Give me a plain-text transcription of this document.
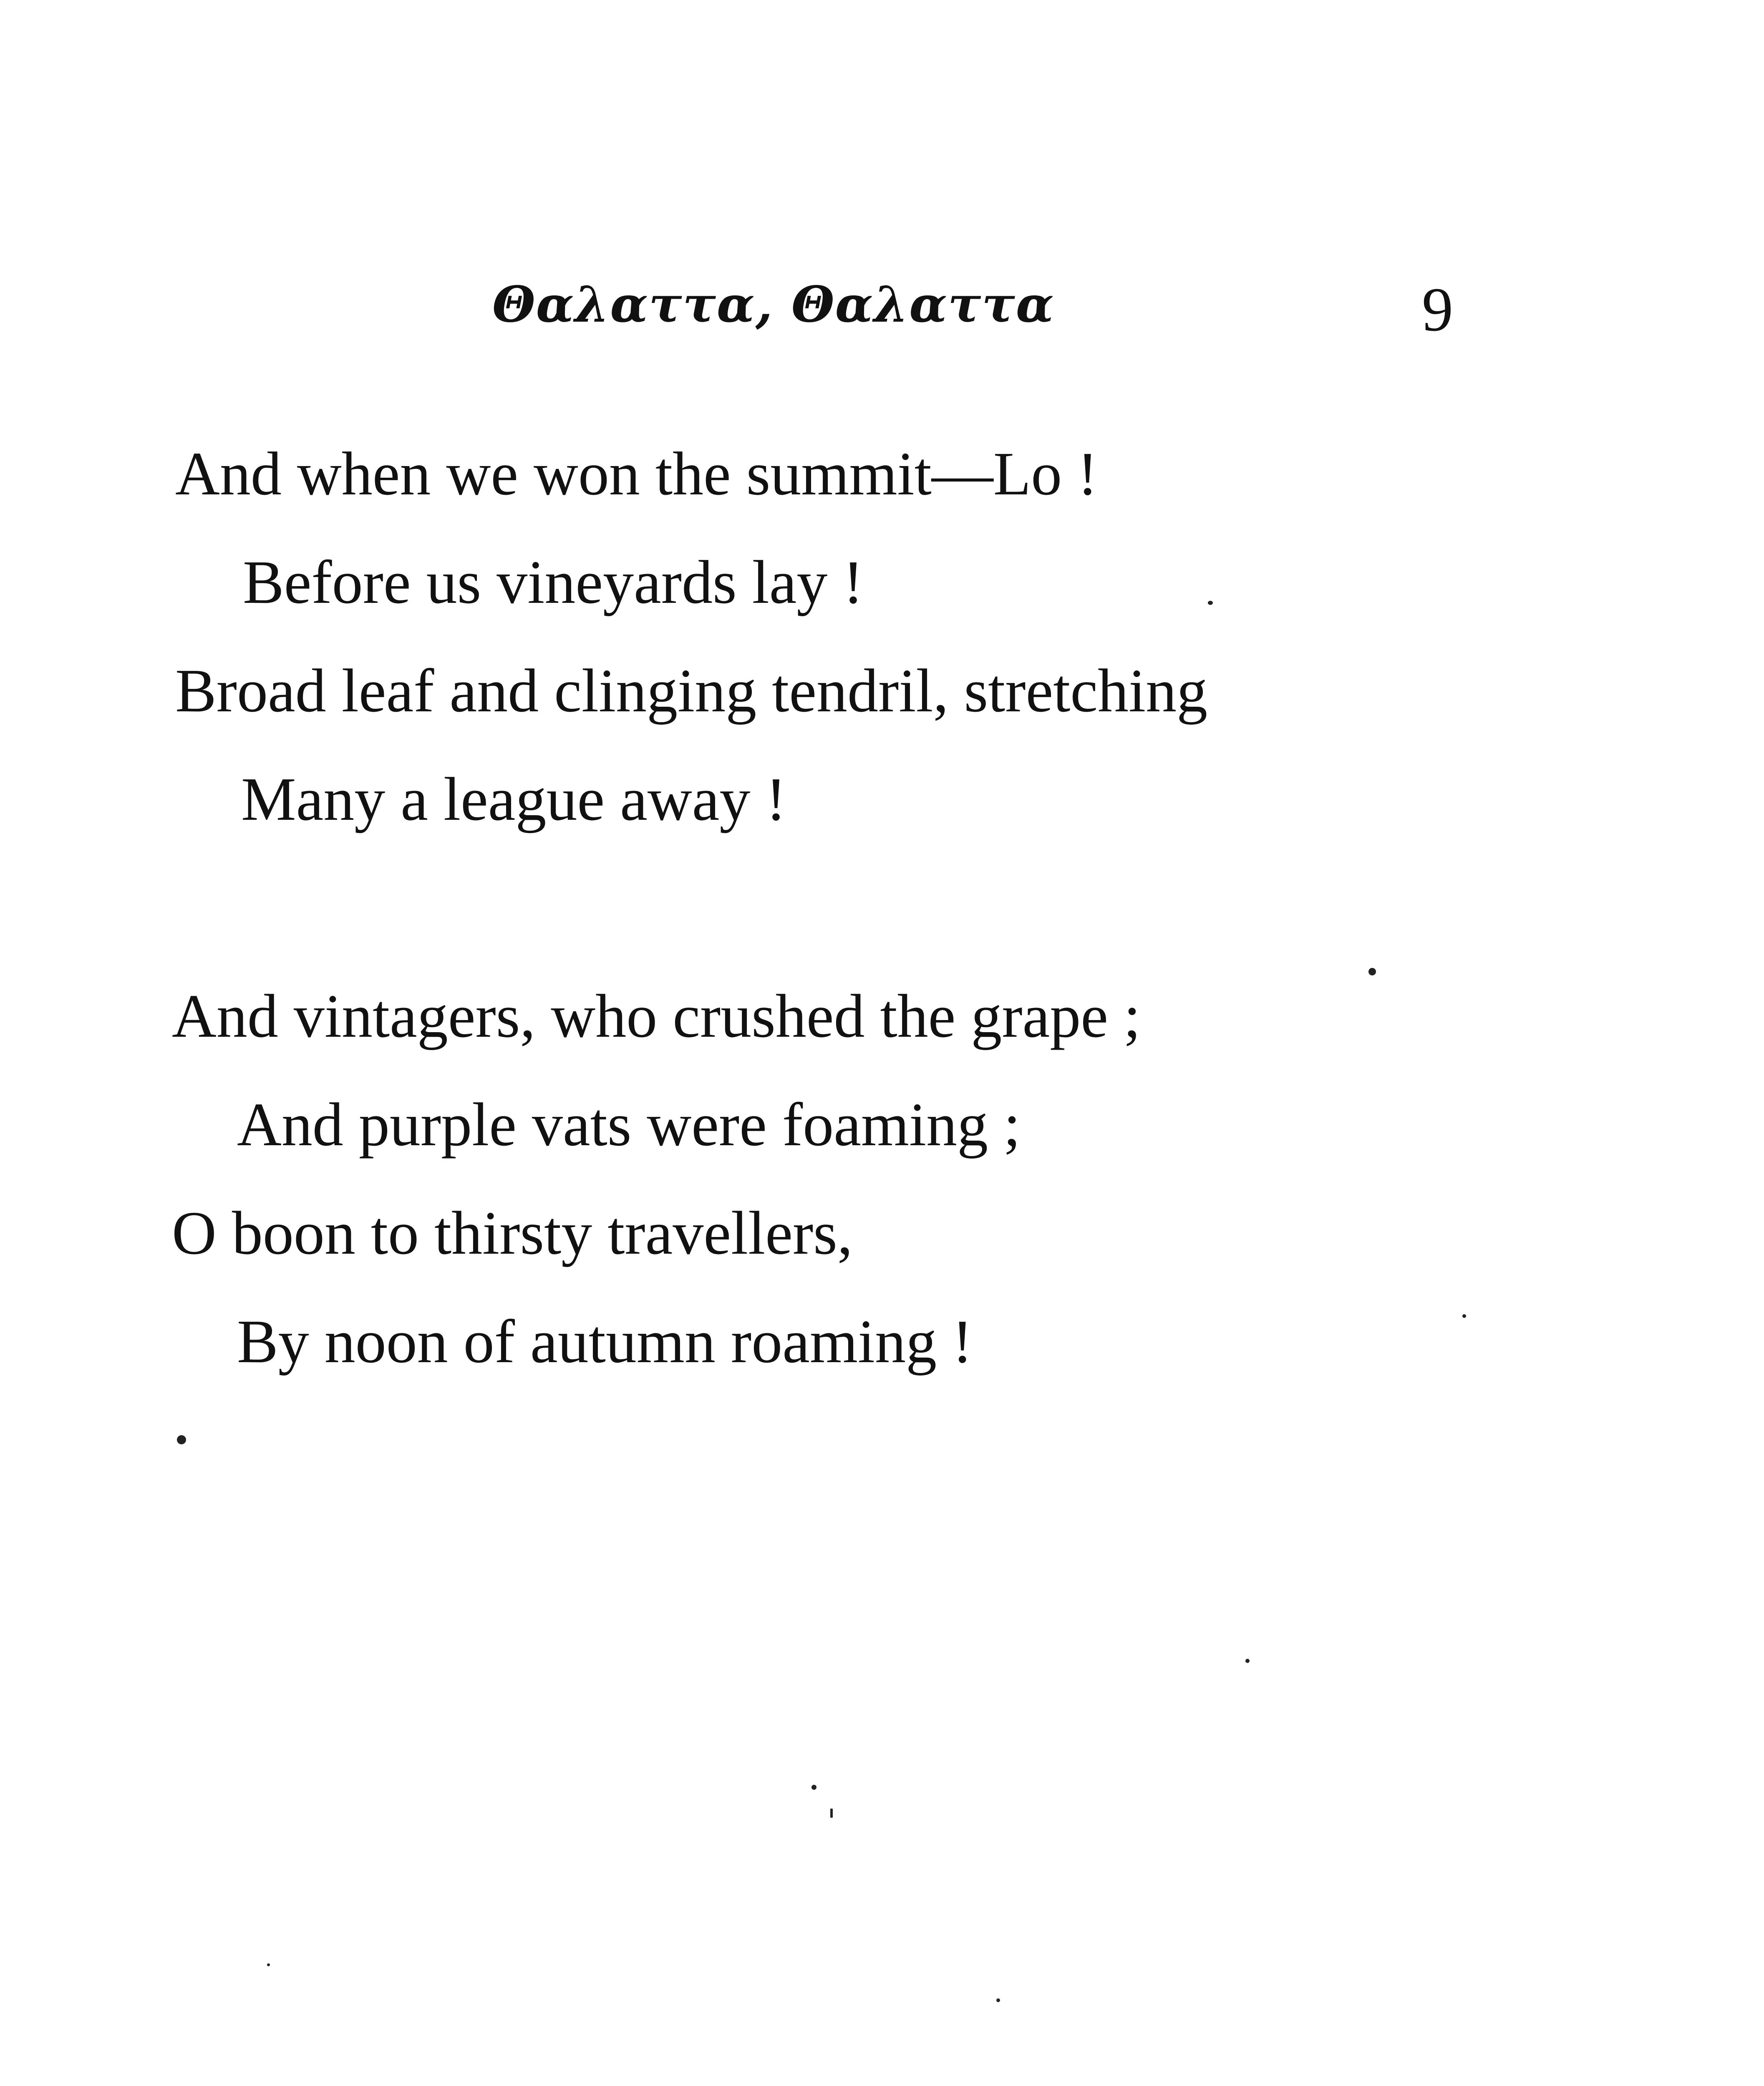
Θαλαττα, Θαλαττα	9
And when we won the summit—Lo !
Before us vineyards lay !
Broad leaf and clinging tendril, stretching
Many a league away !
And vintagers, who crushed the grape ;
And purple vats were foaming ;
O boon to thirsty travellers,
By noon of autumn roaming !
